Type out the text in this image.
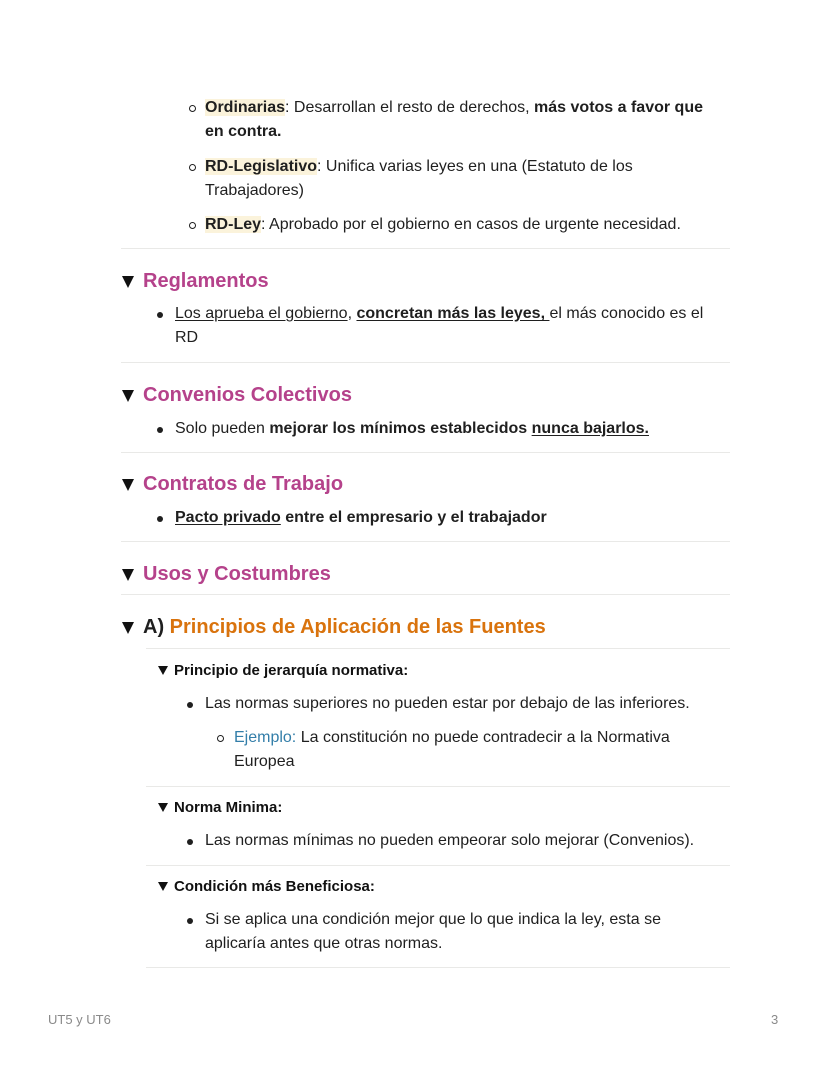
Ordinarias: Desarrollan el resto de derechos, más votos a favor que
en contra.
RD-Legislativo: Unifica varias leyes en una (Estatuto de los
Trabajadores)
RD-Ley: Aprobado por el gobierno en casos de urgente necesidad.
Reglamentos
Los aprueba el gobierno, concretan más las leyes, el más conocido es el
RD
Convenios Colectivos
Solo pueden mejorar los mínimos establecidos nunca bajarlos.
Contratos de Trabajo
Pacto privado entre el empresario y el trabajador
Usos y Costumbres
A) Principios de Aplicación de las Fuentes
Principio de jerarquía normativa:
Las normas superiores no pueden estar por debajo de las inferiores.
Ejemplo: La constitución no puede contradecir a la Normativa
Europea
Norma Minima:
Las normas mínimas no pueden empeorar solo mejorar (Convenios).
Condición más Beneficiosa:
Si se aplica una condición mejor que lo que indica la ley, esta se
aplicaría antes que otras normas.
UT5 y UT6	3
